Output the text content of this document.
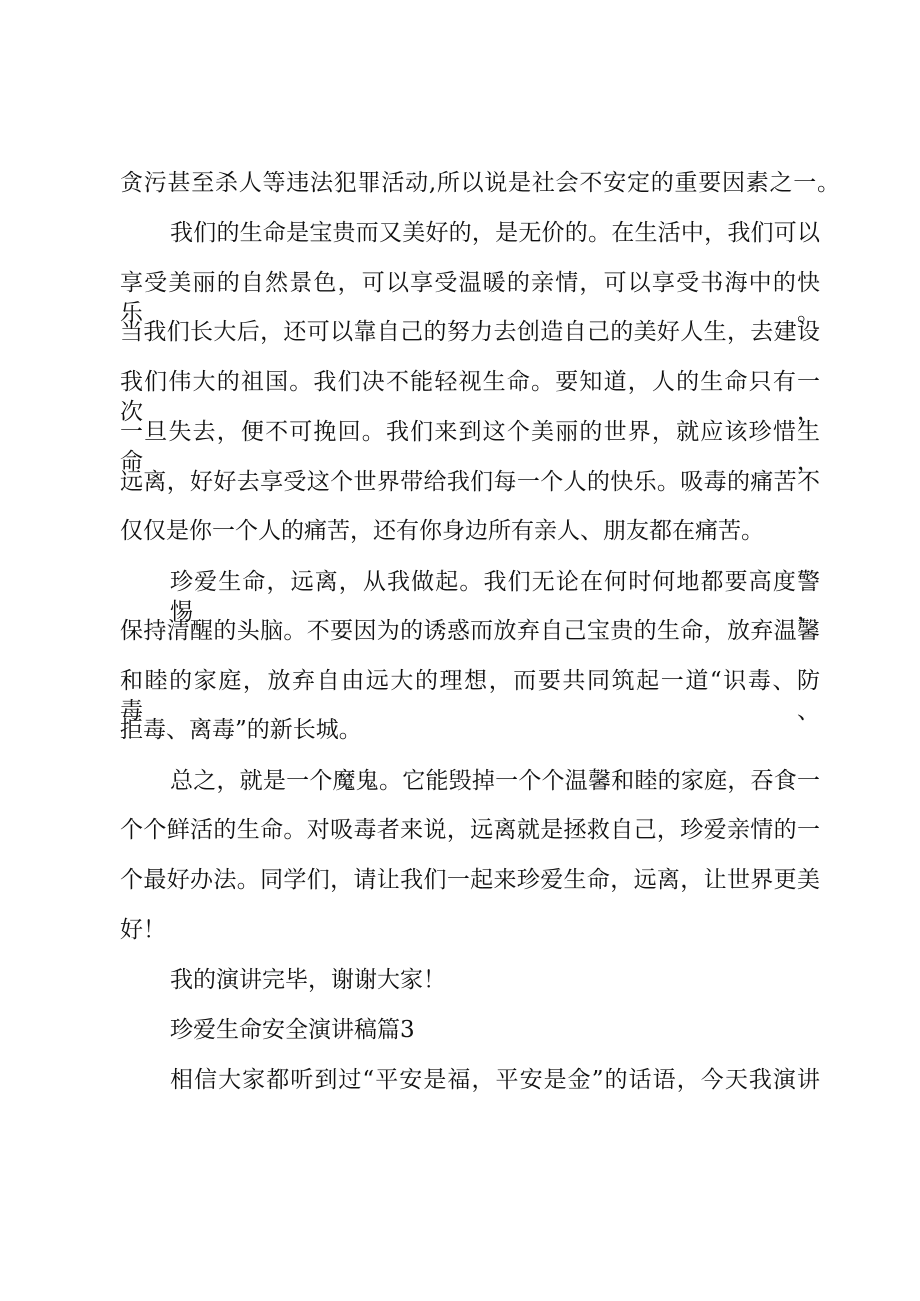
贪污甚至杀人等违法犯罪活动,所以说是社会不安定的重要因素之一。
我们的生命是宝贵而又美好的，是无价的。在生活中，我们可以
享受美丽的自然景色，可以享受温暖的亲情，可以享受书海中的快乐。
当我们长大后，还可以靠自己的努力去创造自己的美好人生，去建设
我们伟大的祖国。我们决不能轻视生命。要知道，人的生命只有一次，
一旦失去，便不可挽回。我们来到这个美丽的世界，就应该珍惜生命，
远离，好好去享受这个世界带给我们每一个人的快乐。吸毒的痛苦不
仅仅是你一个人的痛苦，还有你身边所有亲人、朋友都在痛苦。
珍爱生命，远离，从我做起。我们无论在何时何地都要高度警惕，
保持清醒的头脑。不要因为的诱惑而放弃自己宝贵的生命，放弃温馨
和睦的家庭，放弃自由远大的理想，而要共同筑起一道“识毒、防毒、
拒毒、离毒”的新长城。
总之，就是一个魔鬼。它能毁掉一个个温馨和睦的家庭，吞食一
个个鲜活的生命。对吸毒者来说，远离就是拯救自己，珍爱亲情的一
个最好办法。同学们，请让我们一起来珍爱生命，远离，让世界更美
好！
我的演讲完毕，谢谢大家！
珍爱生命安全演讲稿篇3
相信大家都听到过“平安是福，平安是金”的话语，今天我演讲
